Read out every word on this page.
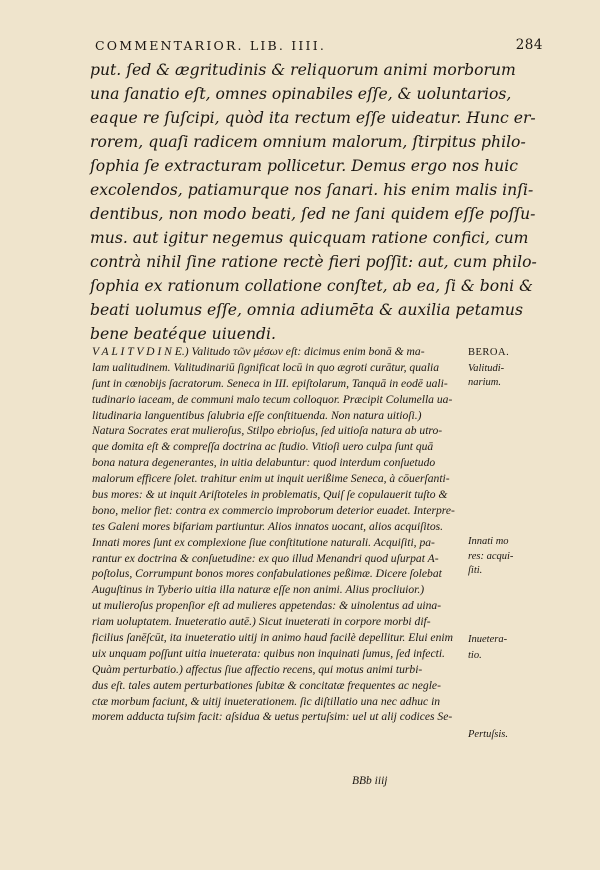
COMMENTARIOR. LIB. IIII.	284
put. ſed & ægritudinis & reliquorum animi morborum
una ſanatio eſt, omnes opinabiles eſſe, & uoluntarios,
eaque re ſuſcipi, quòd ita rectum eſſe uideatur. Hunc er-
rorem, quaſi radicem omnium malorum, ſtirpitus philo-
ſophia ſe extracturam pollicetur. Demus ergo nos huic
excolendos, patiamurque nos ſanari. his enim malis inſi-
dentibus, non modo beati, ſed ne ſani quidem eſſe poſſu-
mus. aut igitur negemus quicquam ratione confici, cum
contrà nihil ſine ratione rectè fieri poſſit: aut, cum philo-
ſophia ex rationum collatione conſtet, ab ea, ſi & boni &
beati uolumus eſſe, omnia adiumēta & auxilia petamus
bene beatéque uiuendi.
V A L I T V D I N E.) Valitudo τῶν μέσων eſt: dicimus enim bonā & ma-
lam ualitudinem. Valitudinariū ſignificat locū in quo ægroti curātur, qualia
ſunt in cœnobijs ſacratorum. Seneca in III. epiſtolarum, Tanquā in eodē uali-
tudinario iaceam, de communi malo tecum colloquor. Præcipit Columella ua-
litudinaria languentibus ſalubria eſſe conſtituenda. Non natura uitioſi.)
Natura Socrates erat mulieroſus, Stilpo ebrioſus, ſed uitioſa natura ab utro-
que domita eſt & compreſſa doctrina ac ſtudio. Vitioſi uero culpa ſunt quā
bona natura degenerantes, in uitia delabuntur: quod interdum conſuetudo
malorum efficere ſolet. trahitur enim ut inquit uerißime Seneca, à cōuerſanti-
bus mores: & ut inquit Ariſtoteles in problematis, Quiſ ſe copulauerit tuſto &
bono, melior fiet: contra ex commercio improborum deterior euadet. Interpre-
tes Galeni mores bifariam partiuntur. Alios innatos uocant, alios acquiſitos.
Innati mores ſunt ex complexione ſiue conſtitutione naturali. Acquiſiti, pa-
rantur ex doctrina & conſuetudine: ex quo illud Menandri quod uſurpat A-
poſtolus, Corrumpunt bonos mores confabulationes peßimæ. Dicere ſolebat
Auguſtinus in Tyberio uitia illa naturæ eſſe non animi. Alius procliuior.)
ut mulieroſus propenſior eſt ad mulieres appetendas: & uinolentus ad uina-
riam uoluptatem. Inueteratio autē.) Sicut inueterati in corpore morbi dif-
ficilius ſanēſcūt, ita inueteratio uitij in animo haud facilè depellitur. Elui enim
uix unquam poſſunt uitia inueterata: quibus non inquinati ſumus, ſed infecti.
Quàm perturbatio.) affectus ſiue affectio recens, qui motus animi turbi-
dus eſt. tales autem perturbationes ſubitæ & concitatæ frequentes ac negle-
ctæ morbum faciunt, & uitij inueterationem. ſic diſtillatio una nec adhuc in
morem adducta tuſsim facit: aſsidua & uetus pertuſsim: uel ut alij codices Se-
BEROA.
Valitudi-
narium.
Innati mo
res: acqui-
ſiti.
Inuetera-
tio.
Pertuſsis.
BBb iiij
